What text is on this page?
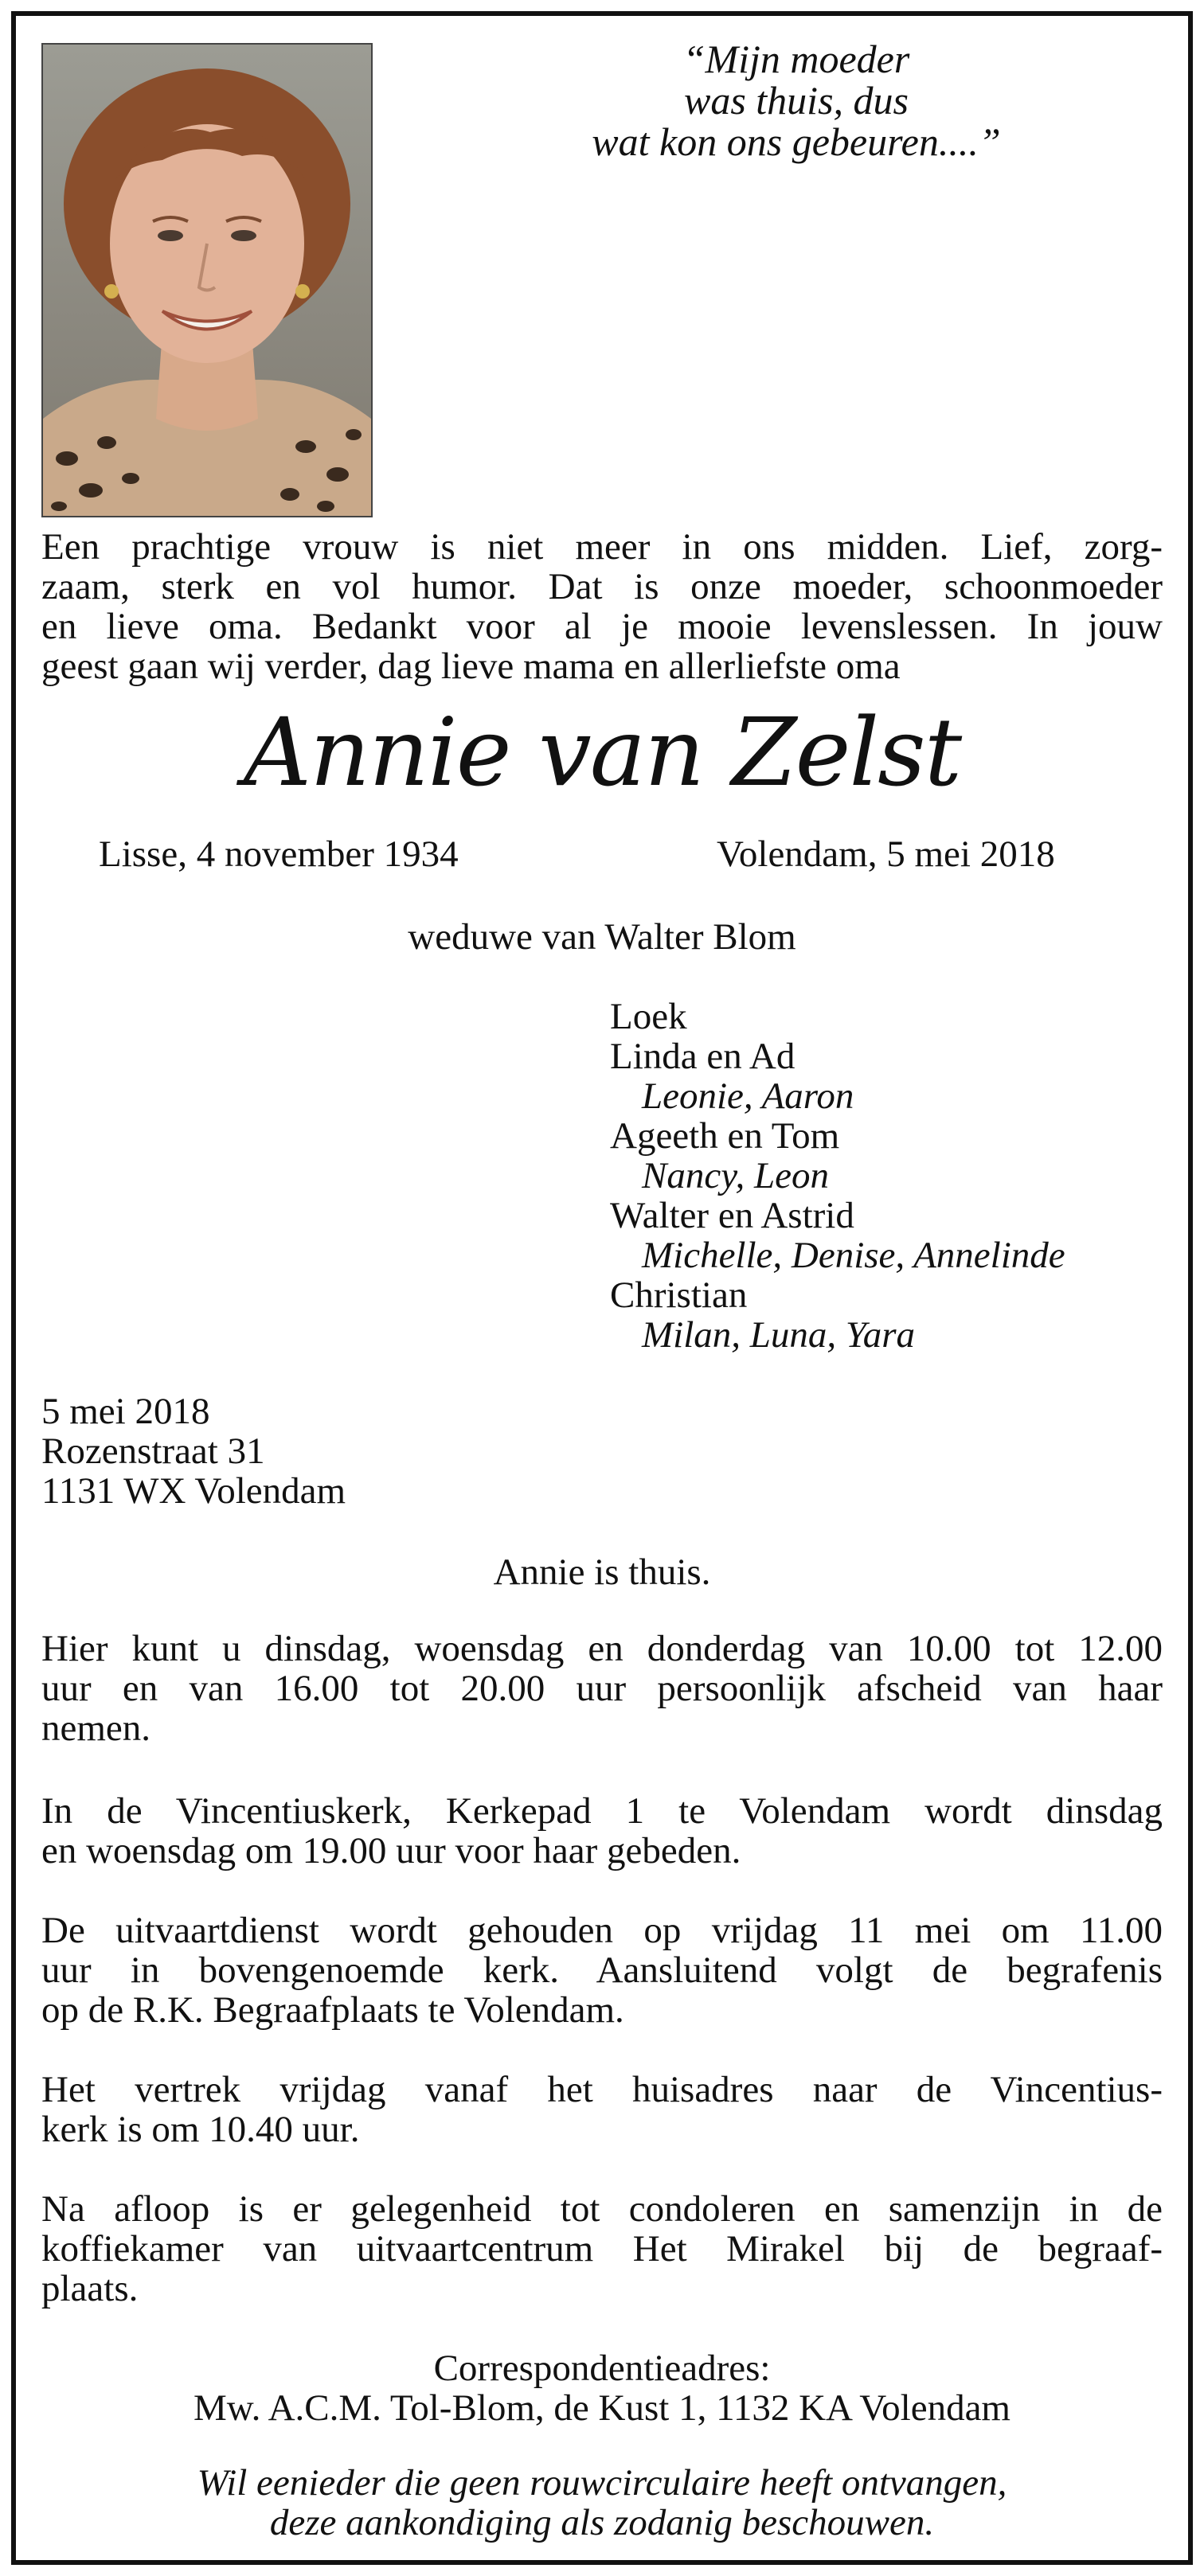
“Mijn moeder
was thuis, dus
wat kon ons gebeuren....”
Een prachtige vrouw is niet meer in ons midden. Lief, zorg-
zaam, sterk en vol humor. Dat is onze moeder, schoonmoeder
en lieve oma. Bedankt voor al je mooie levenslessen. In jouw
geest gaan wij verder, dag lieve mama en allerliefste oma
Annie van Zelst
Lisse, 4 november 1934	Volendam, 5 mei 2018
weduwe van Walter Blom
Loek
Linda en Ad
Leonie, Aaron
Ageeth en Tom
Nancy, Leon
Walter en Astrid
Michelle, Denise, Annelinde
Christian
Milan, Luna, Yara
5 mei 2018
Rozenstraat 31
1131 WX Volendam
Annie is thuis.
Hier kunt u dinsdag, woensdag en donderdag van 10.00 tot 12.00
uur en van 16.00 tot 20.00 uur persoonlijk afscheid van haar
nemen.
In de Vincentiuskerk, Kerkepad 1 te Volendam wordt dinsdag
en woensdag om 19.00 uur voor haar gebeden.
De uitvaartdienst wordt gehouden op vrijdag 11 mei om 11.00
uur in bovengenoemde kerk. Aansluitend volgt de begrafenis
op de R.K. Begraafplaats te Volendam.
Het vertrek vrijdag vanaf het huisadres naar de Vincentius-
kerk is om 10.40 uur.
Na afloop is er gelegenheid tot condoleren en samenzijn in de
koffiekamer van uitvaartcentrum Het Mirakel bij de begraaf-
plaats.
Correspondentieadres:
Mw. A.C.M. Tol-Blom, de Kust 1, 1132 KA Volendam
Wil eenieder die geen rouwcirculaire heeft ontvangen,
deze aankondiging als zodanig beschouwen.
